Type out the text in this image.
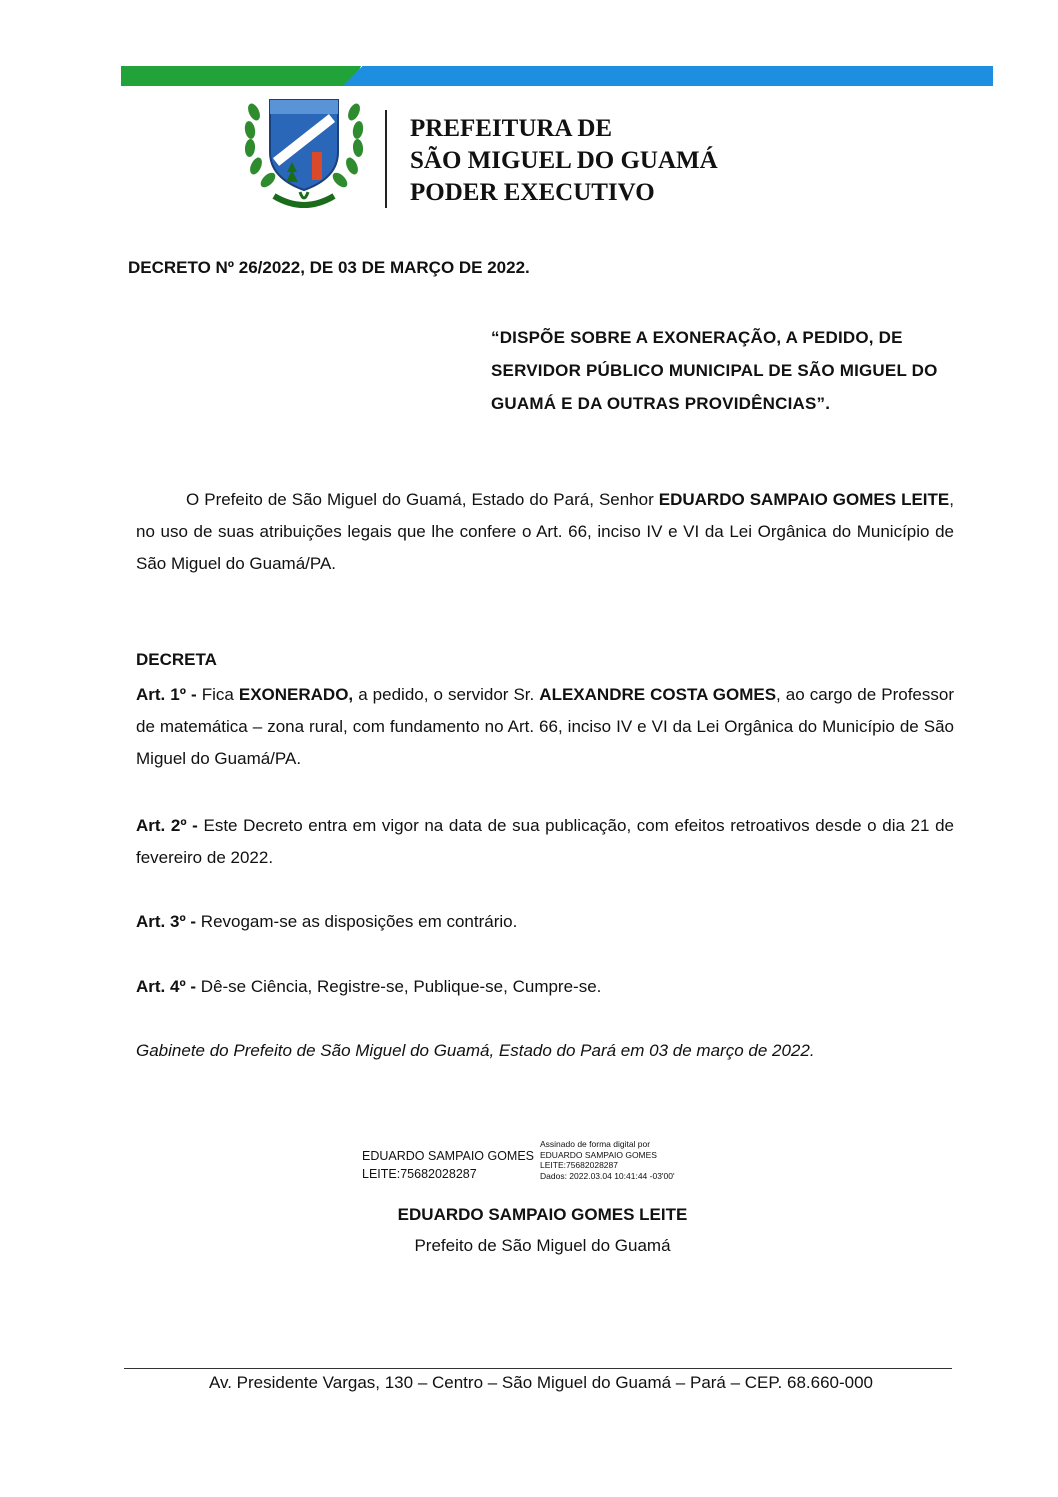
PREFEITURA DE
SÃO MIGUEL DO GUAMÁ
PODER EXECUTIVO
DECRETO Nº 26/2022, DE 03 DE MARÇO DE 2022.
“DISPÕE SOBRE A EXONERAÇÃO, A PEDIDO, DE SERVIDOR PÚBLICO MUNICIPAL DE SÃO MIGUEL DO GUAMÁ E DA OUTRAS PROVIDÊNCIAS”.
O Prefeito de São Miguel do Guamá, Estado do Pará, Senhor EDUARDO SAMPAIO GOMES LEITE, no uso de suas atribuições legais que lhe confere o Art. 66, inciso IV e VI da Lei Orgânica do Município de São Miguel do Guamá/PA.
DECRETA
Art. 1º - Fica EXONERADO, a pedido, o servidor Sr. ALEXANDRE COSTA GOMES, ao cargo de Professor de matemática – zona rural, com fundamento no Art. 66, inciso IV e VI da Lei Orgânica do Município de São Miguel do Guamá/PA.
Art. 2º - Este Decreto entra em vigor na data de sua publicação, com efeitos retroativos desde o dia 21 de fevereiro de 2022.
Art. 3º - Revogam-se as disposições em contrário.
Art. 4º - Dê-se Ciência, Registre-se, Publique-se, Cumpre-se.
Gabinete do Prefeito de São Miguel do Guamá, Estado do Pará em 03 de março de 2022.
EDUARDO SAMPAIO GOMES
LEITE:75682028287
Assinado de forma digital por
EDUARDO SAMPAIO GOMES
LEITE:75682028287
Dados: 2022.03.04 10:41:44 -03'00'
EDUARDO SAMPAIO GOMES LEITE
Prefeito de São Miguel do Guamá
Av. Presidente Vargas, 130 – Centro – São Miguel do Guamá – Pará – CEP. 68.660-000
